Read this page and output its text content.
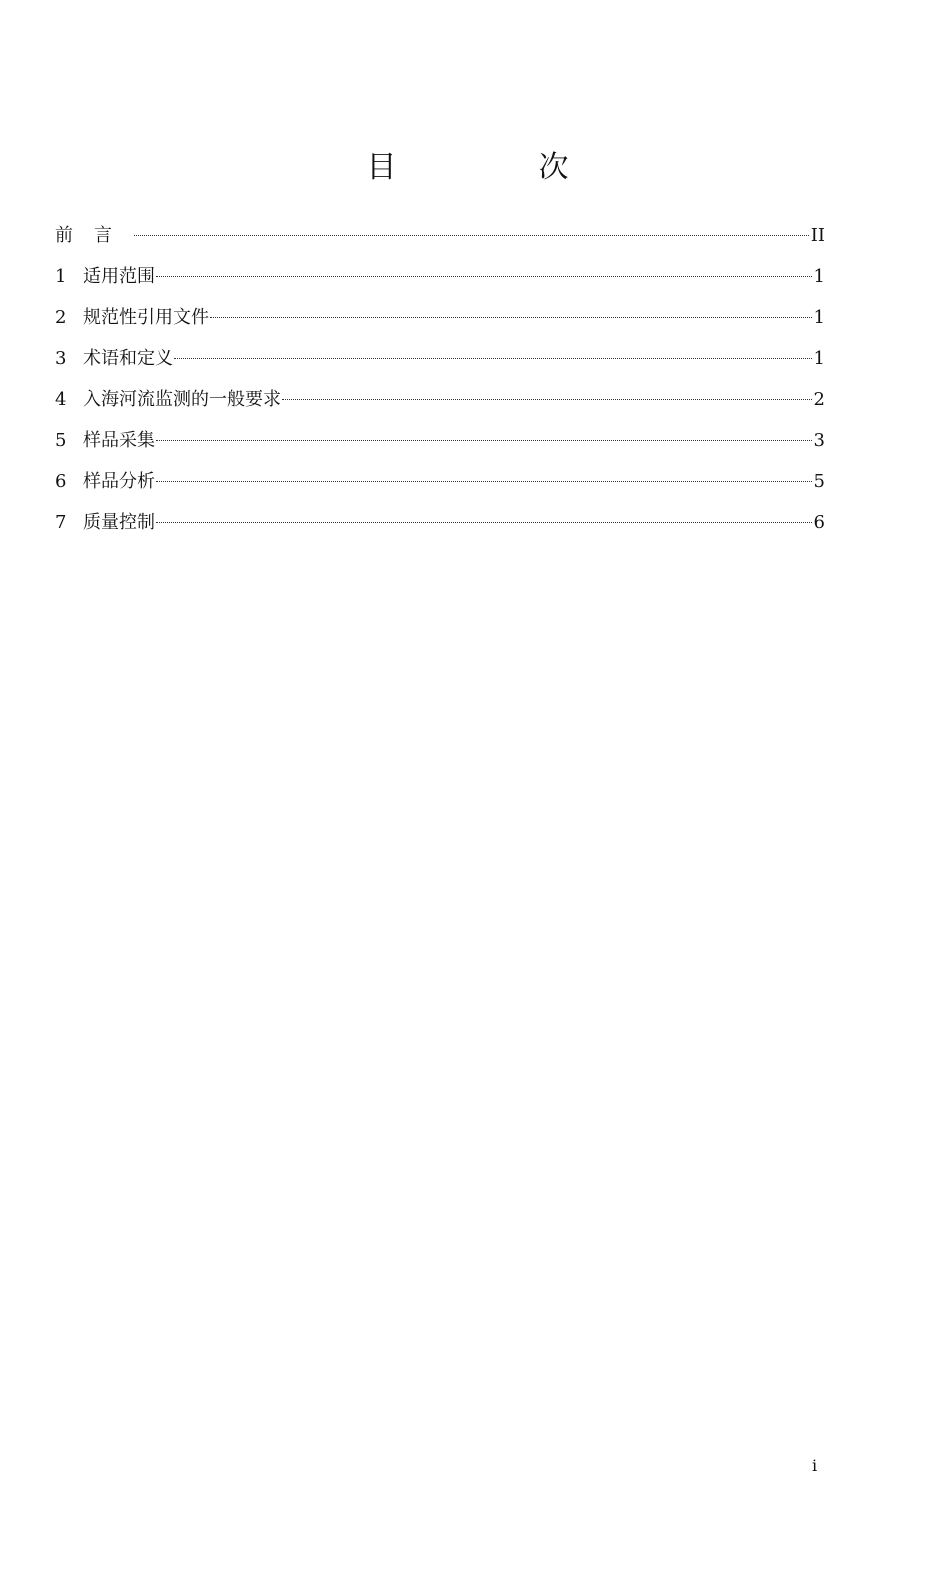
目　次
前言	II
1 适用范围	1
2 规范性引用文件	1
3 术语和定义	1
4 入海河流监测的一般要求	2
5 样品采集	3
6 样品分析	5
7 质量控制	6
i
